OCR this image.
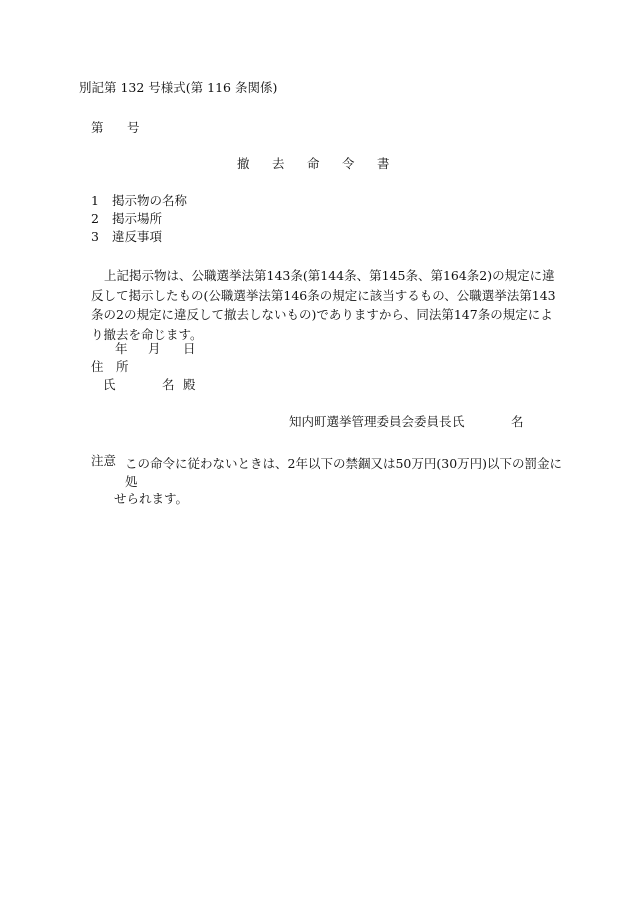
別記第 132 号様式(第 116 条関係)
第 号
撤 去 命 令 書
1 掲示物の名称
2 掲示場所
3 違反事項

上記掲示物は、公職選挙法第143条(第144条、第145条、第164条2)の規定に違反して掲示したもの(公職選挙法第146条の規定に該当するもの、公職選挙法第143条の2の規定に違反して撤去しないもの)でありますから、同法第147条の規定により撤去を命じます。

年 月 日
住　所
氏	名 殿
知内町選挙管理委員会委員長 氏	名
注意 この命令に従わないときは、2年以下の禁錮又は50万円(30万円)以下の罰金に処
せられます。
